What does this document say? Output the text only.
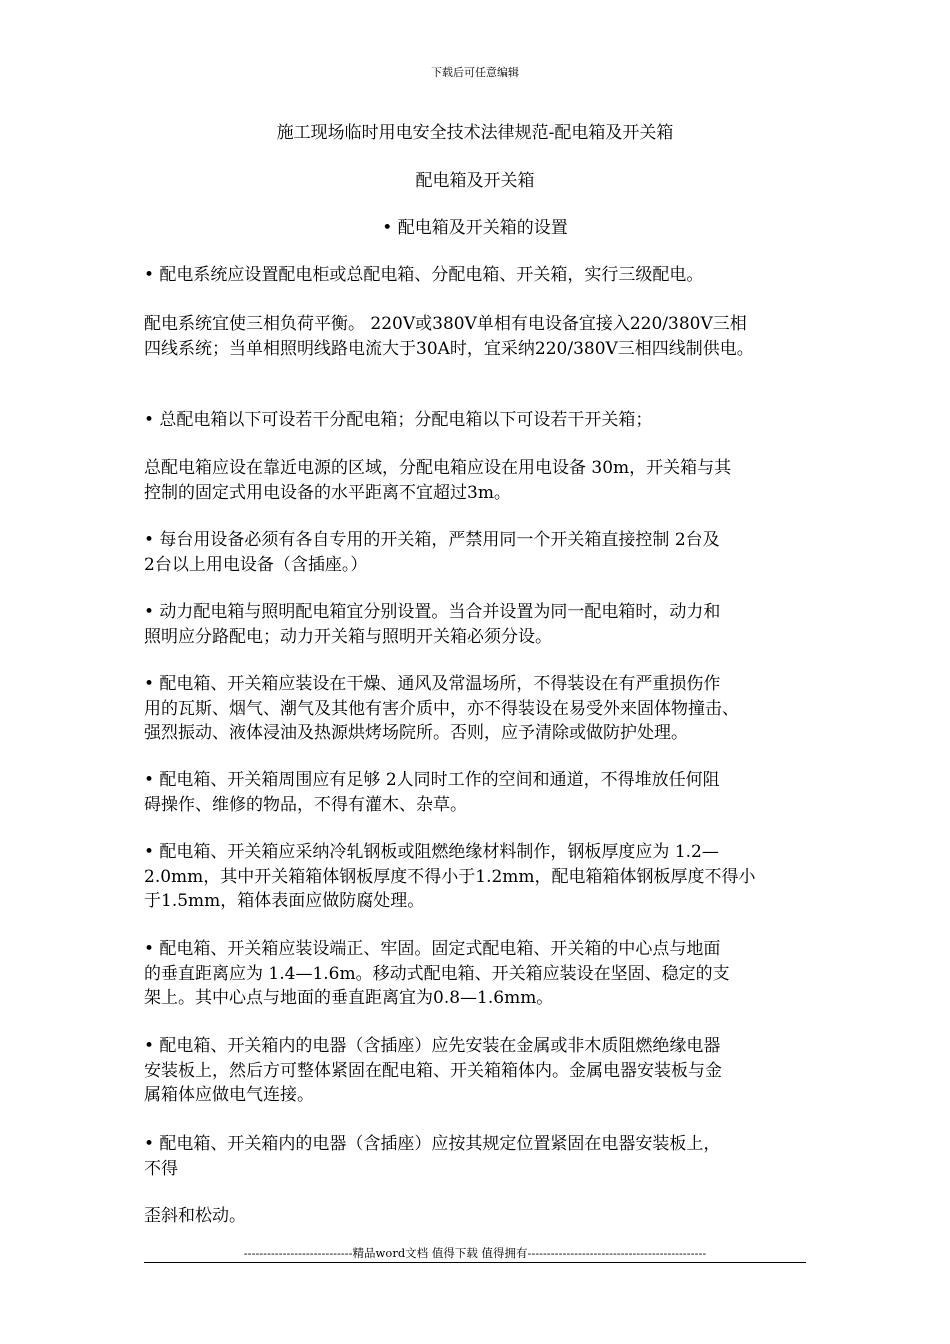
下载后可任意编辑
施工现场临时用电安全技术法律规范-配电箱及开关箱
配电箱及开关箱
• 配电箱及开关箱的设置
• 配电系统应设置配电柜或总配电箱、分配电箱、开关箱，实行三级配电。
配电系统宜使三相负荷平衡。 220V或380V单相有电设备宜接入220/380V三相
四线系统；当单相照明线路电流大于30A时，宜采纳220/380V三相四线制供电。
• 总配电箱以下可设若干分配电箱；分配电箱以下可设若干开关箱；
总配电箱应设在靠近电源的区域，分配电箱应设在用电设备 30m，开关箱与其
控制的固定式用电设备的水平距离不宜超过3m。
• 每台用设备必须有各自专用的开关箱，严禁用同一个开关箱直接控制 2台及
2台以上用电设备（含插座。）
• 动力配电箱与照明配电箱宜分别设置。当合并设置为同一配电箱时，动力和
照明应分路配电；动力开关箱与照明开关箱必须分设。
• 配电箱、开关箱应装设在干燥、通风及常温场所，不得装设在有严重损伤作
用的瓦斯、烟气、潮气及其他有害介质中，亦不得装设在易受外来固体物撞击、
强烈振动、液体浸油及热源烘烤场院所。否则，应予清除或做防护处理。
• 配电箱、开关箱周围应有足够 2人同时工作的空间和通道，不得堆放任何阻
碍操作、维修的物品，不得有灌木、杂草。
• 配电箱、开关箱应采纳冷轧钢板或阻燃绝缘材料制作，钢板厚度应为 1.2—
2.0mm，其中开关箱箱体钢板厚度不得小于1.2mm，配电箱箱体钢板厚度不得小
于1.5mm，箱体表面应做防腐处理。
• 配电箱、开关箱应装设端正、牢固。固定式配电箱、开关箱的中心点与地面
的垂直距离应为 1.4—1.6m。移动式配电箱、开关箱应装设在坚固、稳定的支
架上。其中心点与地面的垂直距离宜为0.8—1.6mm。
• 配电箱、开关箱内的电器（含插座）应先安装在金属或非木质阻燃绝缘电器
安装板上，然后方可整体紧固在配电箱、开关箱箱体内。金属电器安装板与金
属箱体应做电气连接。
• 配电箱、开关箱内的电器（含插座）应按其规定位置紧固在电器安装板上，
不得
歪斜和松动。
----------------------------精品word文档 值得下载 值得拥有----------------------------------------------
